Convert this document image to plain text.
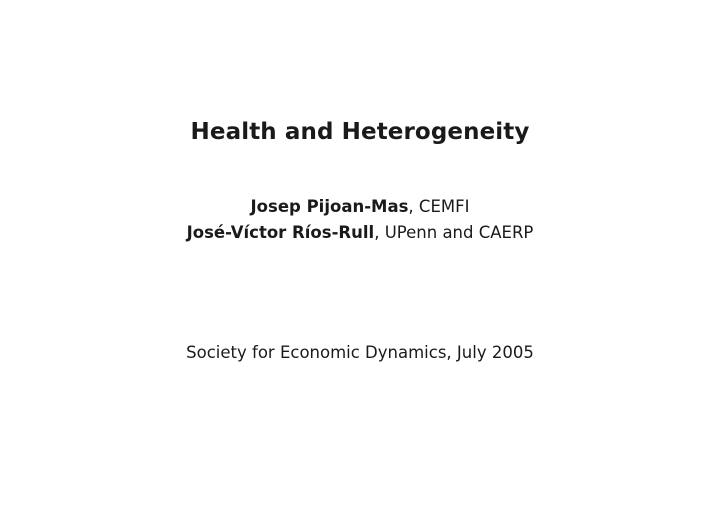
Health and Heterogeneity
Josep Pijoan-Mas, CEMFI
José-Víctor Ríos-Rull, UPenn and CAERP
Society for Economic Dynamics, July 2005
